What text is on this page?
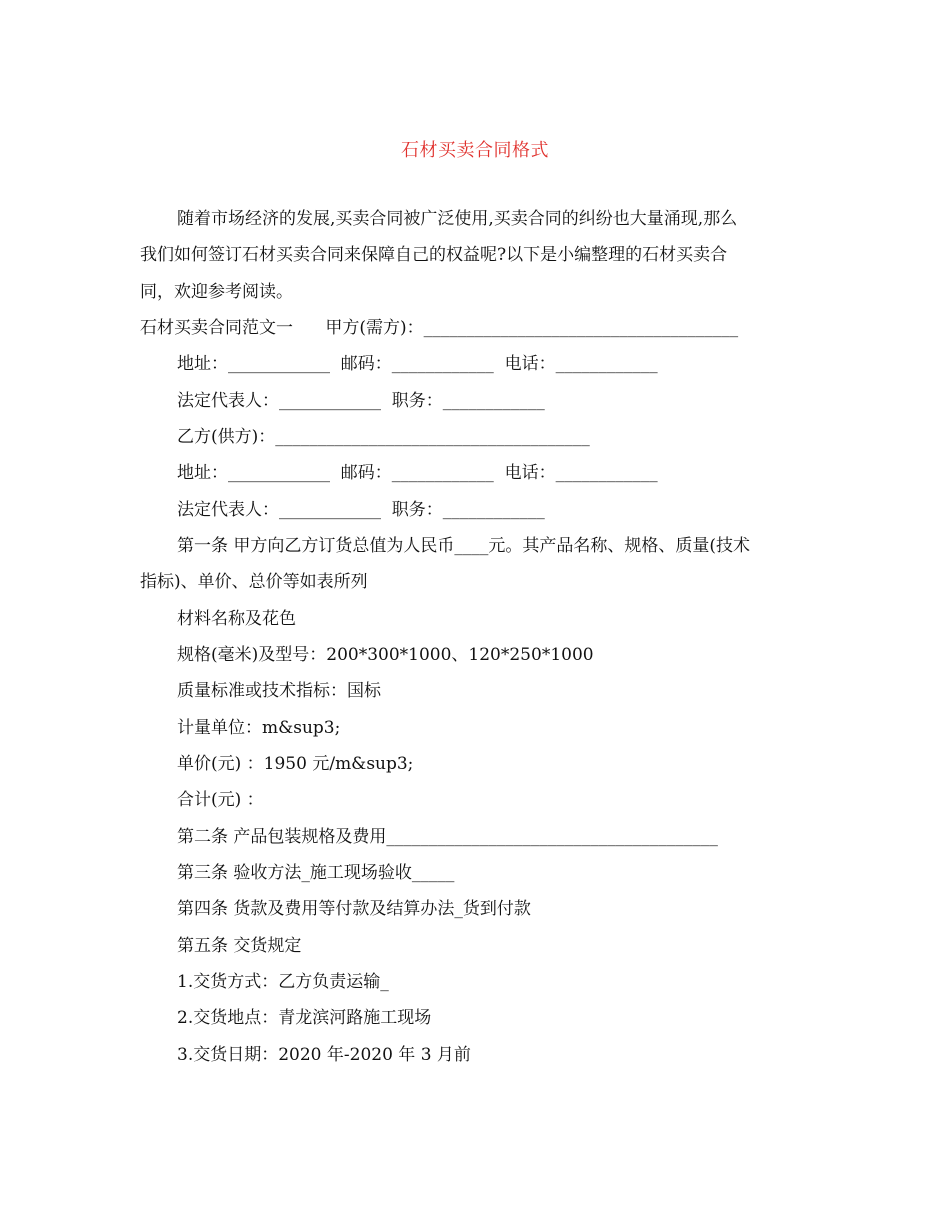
石材买卖合同格式
随着市场经济的发展,买卖合同被广泛使用,买卖合同的纠纷也大量涌现,那么
我们如何签订石材买卖合同来保障自己的权益呢?以下是小编整理的石材买卖合
同，欢迎参考阅读。
石材买卖合同范文一      甲方(需方)：_____________________________________
地址：____________  邮码：____________  电话：____________
法定代表人：____________  职务：____________
乙方(供方)：_____________________________________
地址：____________  邮码：____________  电话：____________
法定代表人：____________  职务：____________
第一条 甲方向乙方订货总值为人民币____元。其产品名称、规格、质量(技术
指标)、单价、总价等如表所列
材料名称及花色
规格(毫米)及型号：200*300*1000、120*250*1000
质量标准或技术指标：国标
计量单位：m&sup3;
单价(元) ：1950 元/m&sup3;
合计(元) ：
第二条 产品包装规格及费用_______________________________________
第三条 验收方法_施工现场验收_____
第四条 货款及费用等付款及结算办法_货到付款
第五条 交货规定
1.交货方式：乙方负责运输_
2.交货地点：青龙滨河路施工现场
3.交货日期：2020 年-2020 年 3 月前
